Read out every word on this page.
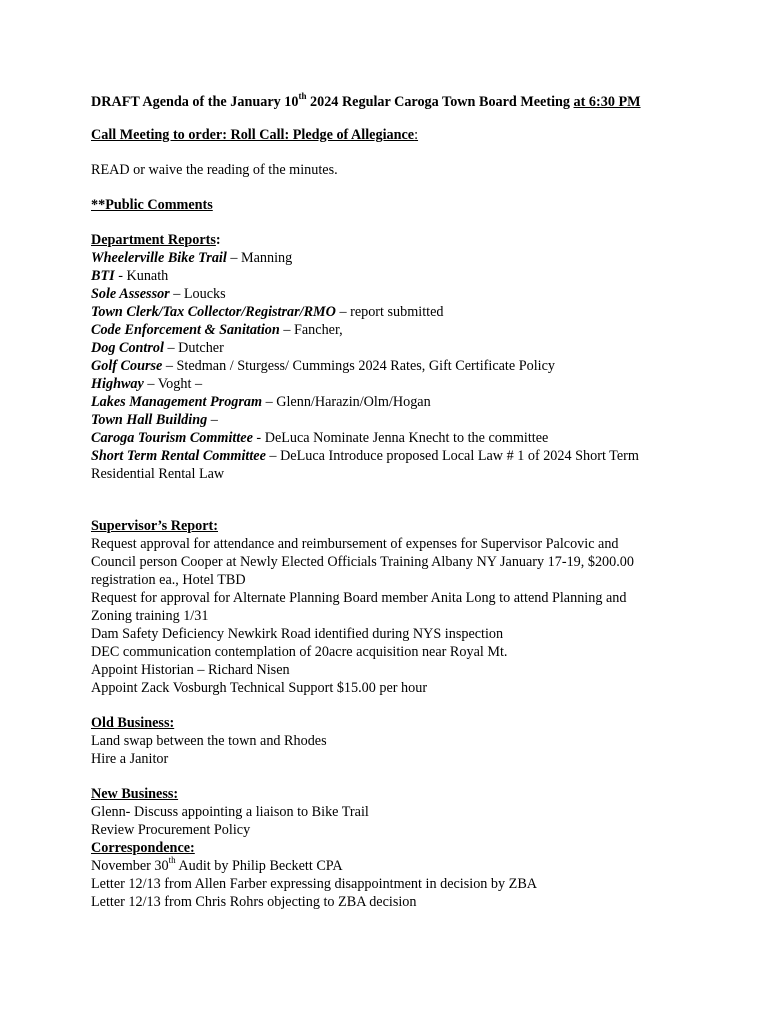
DRAFT Agenda of the January 10th 2024 Regular Caroga Town Board Meeting at 6:30 PM
Call Meeting to order: Roll Call: Pledge of Allegiance:
READ or waive the reading of the minutes.
**Public Comments
Department Reports:
Wheelerville Bike Trail – Manning
BTI - Kunath
Sole Assessor – Loucks
Town Clerk/Tax Collector/Registrar/RMO – report submitted
Code Enforcement & Sanitation – Fancher,
Dog Control – Dutcher
Golf Course – Stedman / Sturgess/ Cummings 2024 Rates, Gift Certificate Policy
Highway – Voght –
Lakes Management Program – Glenn/Harazin/Olm/Hogan
Town Hall Building –
Caroga Tourism Committee - DeLuca Nominate Jenna Knecht to the committee
Short Term Rental Committee – DeLuca Introduce proposed Local Law # 1 of 2024 Short Term
Residential Rental Law
Supervisor’s Report:
Request approval for attendance and reimbursement of expenses for Supervisor Palcovic and
Council person Cooper at Newly Elected Officials Training Albany NY January 17-19, $200.00
registration ea., Hotel TBD
Request for approval for Alternate Planning Board member Anita Long to attend Planning and
Zoning training 1/31
Dam Safety Deficiency Newkirk Road identified during NYS inspection
DEC communication contemplation of 20acre acquisition near Royal Mt.
Appoint Historian – Richard Nisen
Appoint Zack Vosburgh Technical Support $15.00 per hour
Old Business:
Land swap between the town and Rhodes
Hire a Janitor
New Business:
Glenn- Discuss appointing a liaison to Bike Trail
Review Procurement Policy
Correspondence:
November 30th Audit by Philip Beckett CPA
Letter 12/13 from Allen Farber expressing disappointment in decision by ZBA
Letter 12/13 from Chris Rohrs objecting to ZBA decision
